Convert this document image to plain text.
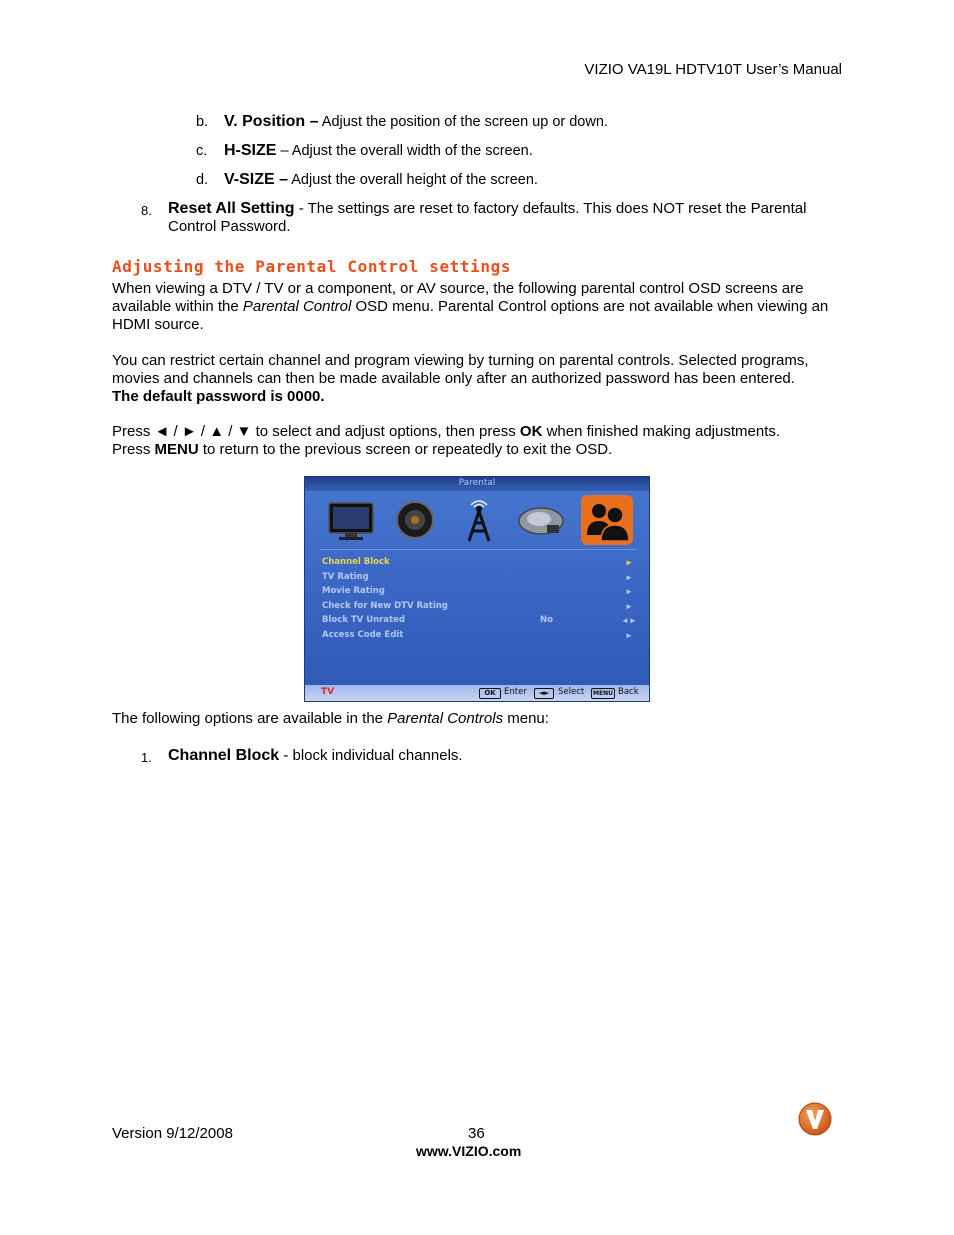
VIZIO VA19L HDTV10T User’s Manual
b. V. Position – Adjust the position of the screen up or down.
c. H-SIZE – Adjust the overall width of the screen.
d. V-SIZE – Adjust the overall height of the screen.
8. Reset All Setting - The settings are reset to factory defaults. This does NOT reset the Parental Control Password.
Adjusting the Parental Control settings
When viewing a DTV / TV or a component, or AV source, the following parental control OSD screens are available within the Parental Control OSD menu. Parental Control options are not available when viewing an HDMI source.
You can restrict certain channel and program viewing by turning on parental controls. Selected programs, movies and channels can then be made available only after an authorized password has been entered.
The default password is 0000.
Press ◄ / ► / ▲ / ▼ to select and adjust options, then press OK when finished making adjustments.
Press MENU to return to the previous screen or repeatedly to exit the OSD.
Parental
Channel Block	►
TV Rating	►
Movie Rating	►
Check for New DTV Rating	►
Block TV Unrated	No	◄►
Access Code Edit	►
TV	OK Enter	◄►	Select	MENU Back
The following options are available in the Parental Controls menu:
1. Channel Block - block individual channels.
Version 9/12/2008	36
www.VIZIO.com
